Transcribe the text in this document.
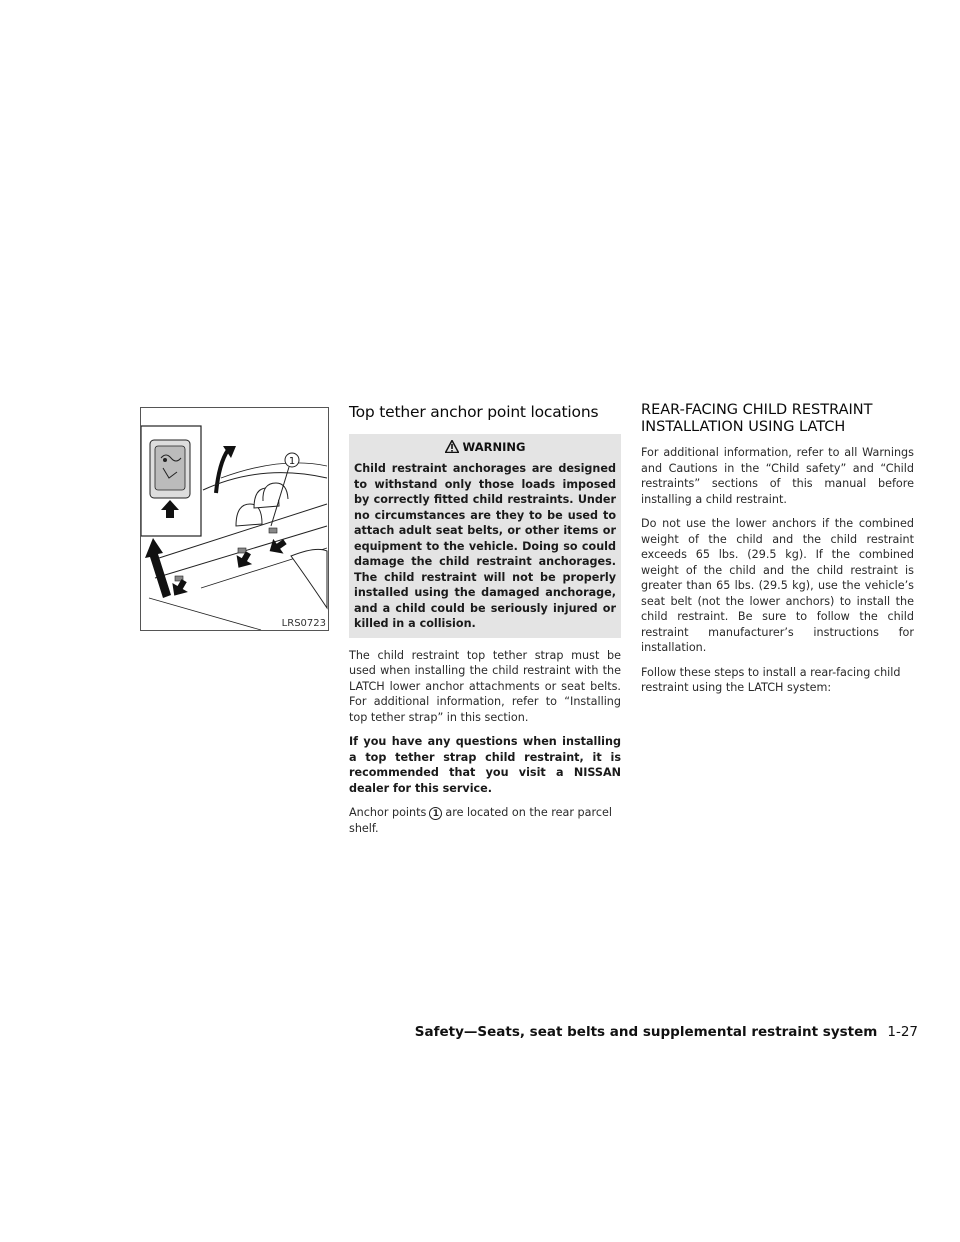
1
LRS0723
Top tether anchor point locations
WARNING
Child restraint anchorages are designed to withstand only those loads imposed by correctly fitted child restraints. Under no circumstances are they to be used to attach adult seat belts, or other items or equipment to the vehicle. Doing so could damage the child restraint anchorages. The child restraint will not be properly installed using the damaged anchorage, and a child could be seriously injured or killed in a collision.

The child restraint top tether strap must be used when installing the child restraint with the LATCH lower anchor attachments or seat belts. For additional information, refer to “Installing top tether strap” in this section.

If you have any questions when installing a top tether strap child restraint, it is recommended that you visit a NISSAN dealer for this service.

Anchor points 1 are located on the rear parcel shelf.

REAR-FACING CHILD RESTRAINT
INSTALLATION USING LATCH

For additional information, refer to all Warnings and Cautions in the “Child safety” and “Child restraints” sections of this manual before installing a child restraint.

Do not use the lower anchors if the combined weight of the child and the child restraint exceeds 65 lbs. (29.5 kg). If the combined weight of the child and the child restraint is greater than 65 lbs. (29.5 kg), use the vehicle’s seat belt (not the lower anchors) to install the child restraint. Be sure to follow the child restraint manufacturer’s instructions for installation.

Follow these steps to install a rear-facing child restraint using the LATCH system:

Safety—Seats, seat belts and supplemental restraint system 1-27
